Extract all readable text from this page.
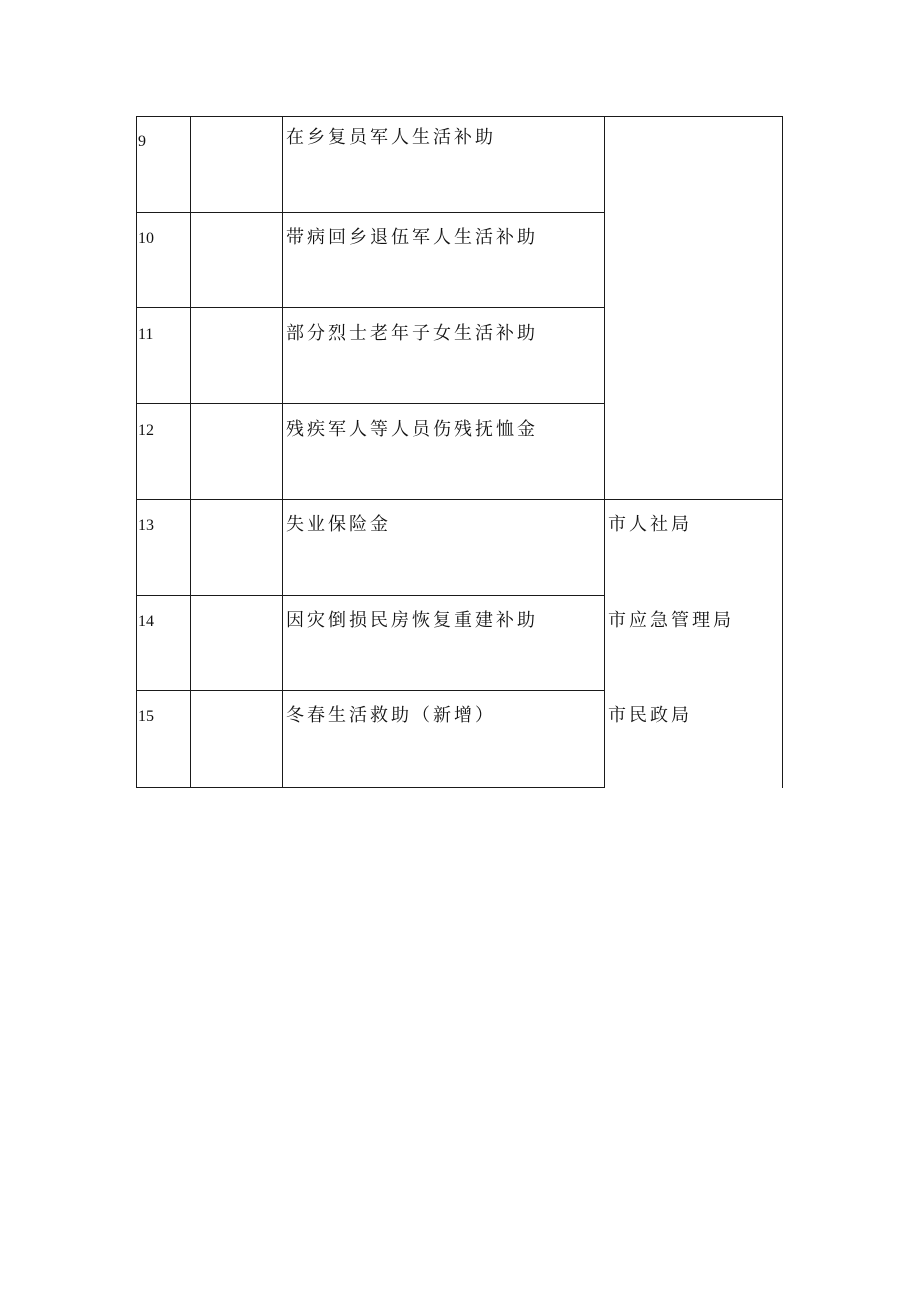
9
10
11
12
13
14
15
在乡复员军人生活补助
带病回乡退伍军人生活补助
部分烈士老年子女生活补助
残疾军人等人员伤残抚恤金
失业保险金
因灾倒损民房恢复重建补助
冬春生活救助（新增）
市人社局
市应急管理局
市民政局
